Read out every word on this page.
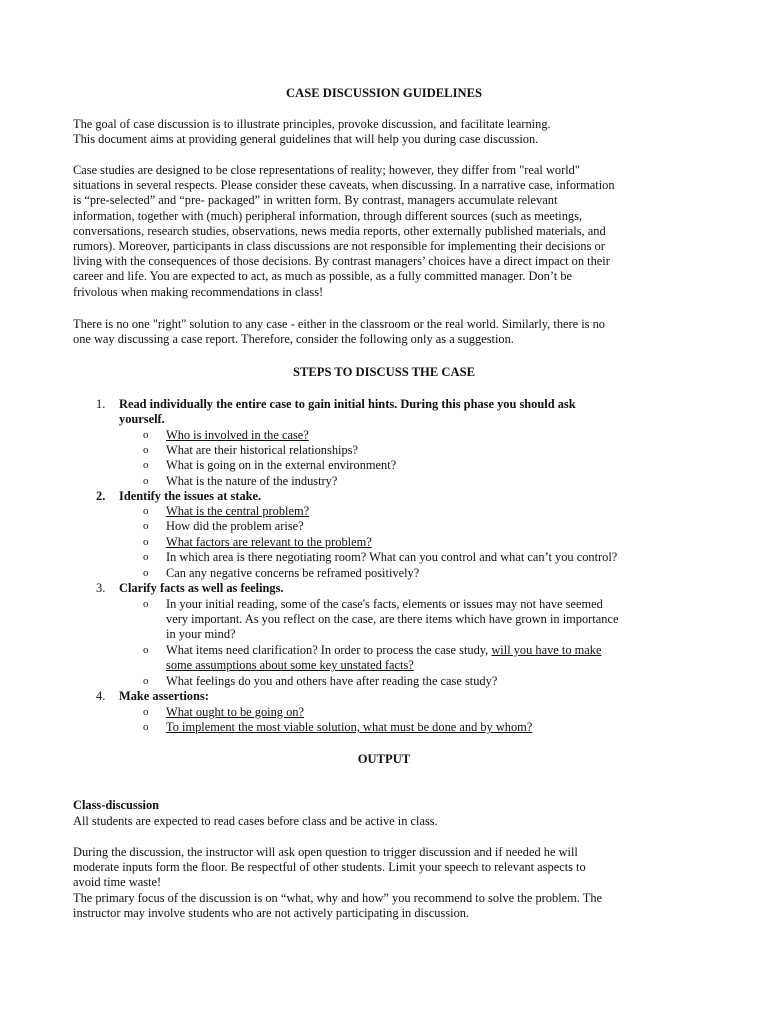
CASE DISCUSSION GUIDELINES
The goal of case discussion is to illustrate principles, provoke discussion, and facilitate learning.
This document aims at providing general guidelines that will help you during case discussion.
Case studies are designed to be close representations of reality; however, they differ from "real world"
situations in several respects. Please consider these caveats, when discussing. In a narrative case, information
is “pre-selected” and “pre- packaged” in written form. By contrast, managers accumulate relevant
information, together with (much) peripheral information, through different sources (such as meetings,
conversations, research studies, observations, news media reports, other externally published materials, and
rumors). Moreover, participants in class discussions are not responsible for implementing their decisions or
living with the consequences of those decisions. By contrast managers’ choices have a direct impact on their
career and life. You are expected to act, as much as possible, as a fully committed manager. Don’t be
frivolous when making recommendations in class!
There is no one "right" solution to any case - either in the classroom or the real world. Similarly, there is no
one way discussing a case report. Therefore, consider the following only as a suggestion.
STEPS TO DISCUSS THE CASE
1.	Read individually the entire case to gain initial hints. During this phase you should ask
yourself.
o	Who is involved in the case?
o	What are their historical relationships?
o	What is going on in the external environment?
o	What is the nature of the industry?
2.	Identify the issues at stake.
o	What is the central problem?
o	How did the problem arise?
o	What factors are relevant to the problem?
o	In which area is there negotiating room? What can you control and what can’t you control?
o	Can any negative concerns be reframed positively?
3.	Clarify facts as well as feelings.
o	In your initial reading, some of the case's facts, elements or issues may not have seemed
very important. As you reflect on the case, are there items which have grown in importance
in your mind?
o	What items need clarification? In order to process the case study, will you have to make
some assumptions about some key unstated facts?
o	What feelings do you and others have after reading the case study?
4.	Make assertions:
o	What ought to be going on?
o	To implement the most viable solution, what must be done and by whom?
OUTPUT
Class-discussion
All students are expected to read cases before class and be active in class.
During the discussion, the instructor will ask open question to trigger discussion and if needed he will
moderate inputs form the floor. Be respectful of other students. Limit your speech to relevant aspects to
avoid time waste!
The primary focus of the discussion is on “what, why and how” you recommend to solve the problem. The
instructor may involve students who are not actively participating in discussion.
